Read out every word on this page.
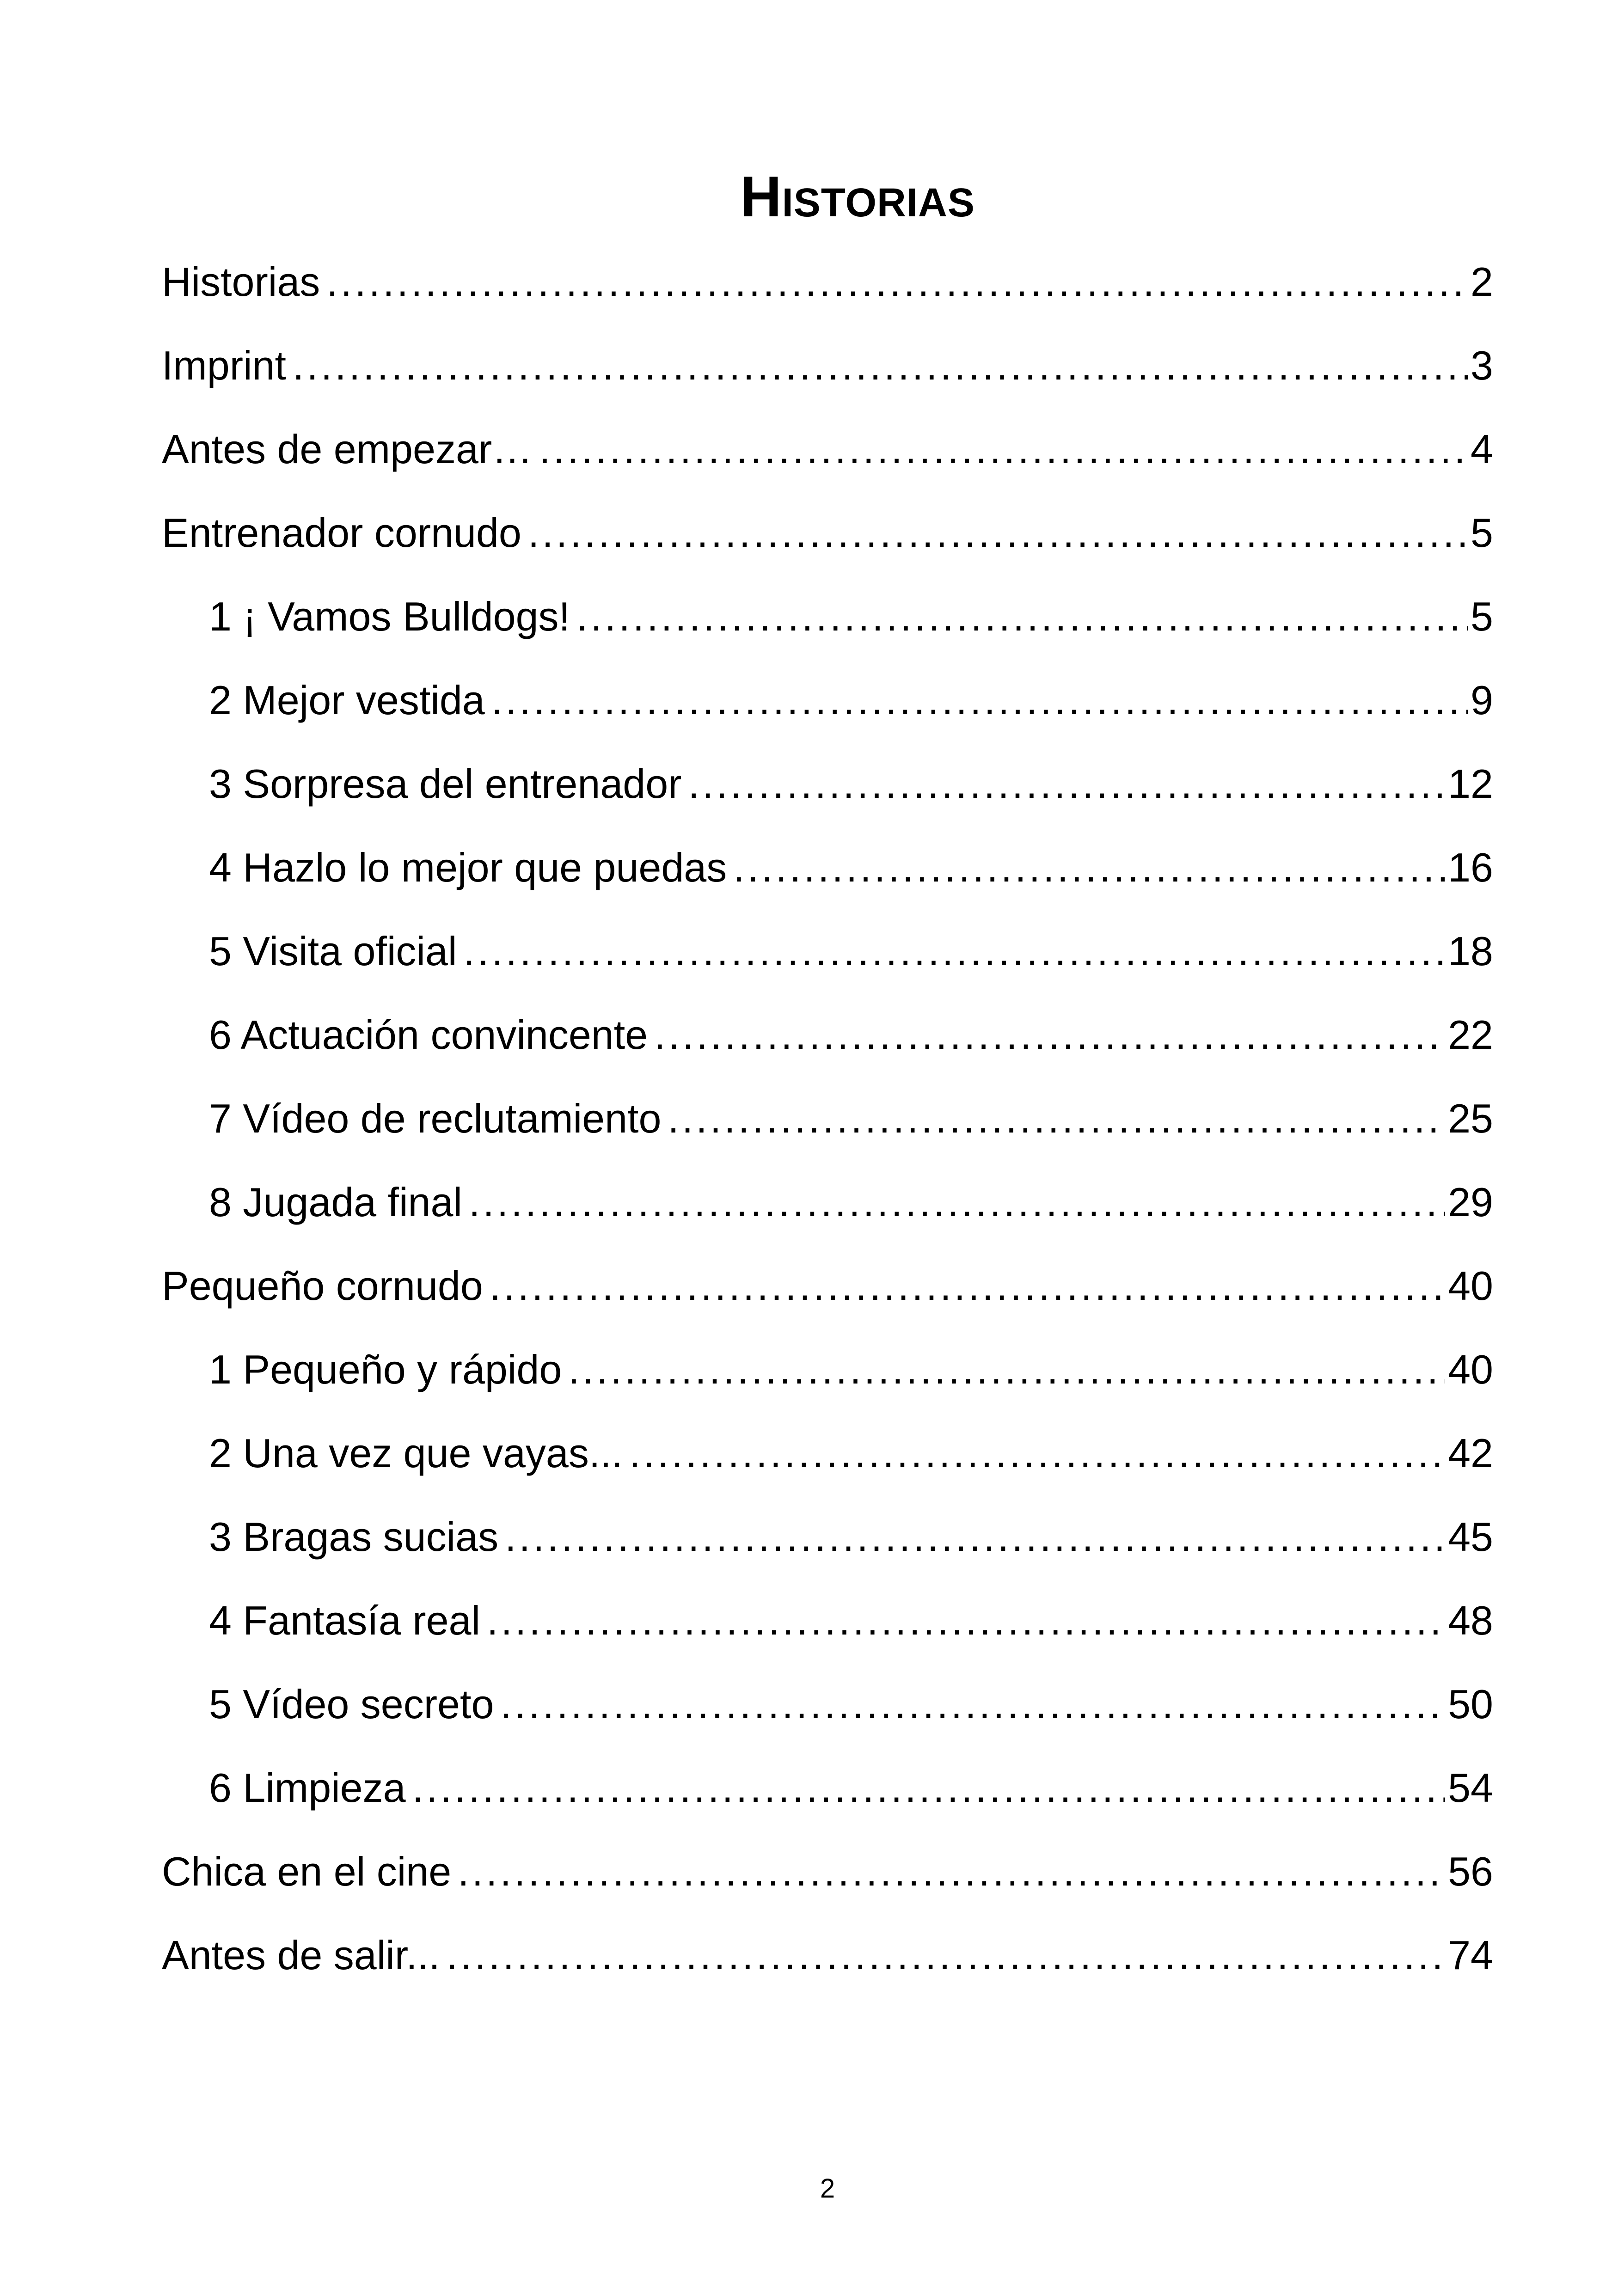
Historias
Historias .....	2
Imprint .....	3
Antes de empezar… .....	4
Entrenador cornudo .....	5
1 ¡ Vamos Bulldogs! .....	5
2 Mejor vestida .....	9
3 Sorpresa del entrenador .....	12
4 Hazlo lo mejor que puedas .....	16
5 Visita oficial .....	18
6 Actuación convincente .....	22
7 Vídeo de reclutamiento .....	25
8 Jugada final .....	29
Pequeño cornudo .....	40
1 Pequeño y rápido .....	40
2 Una vez que vayas... .....	42
3 Bragas sucias .....	45
4 Fantasía real .....	48
5 Vídeo secreto .....	50
6 Limpieza .....	54
Chica en el cine .....	56
Antes de salir... .....	74
2
